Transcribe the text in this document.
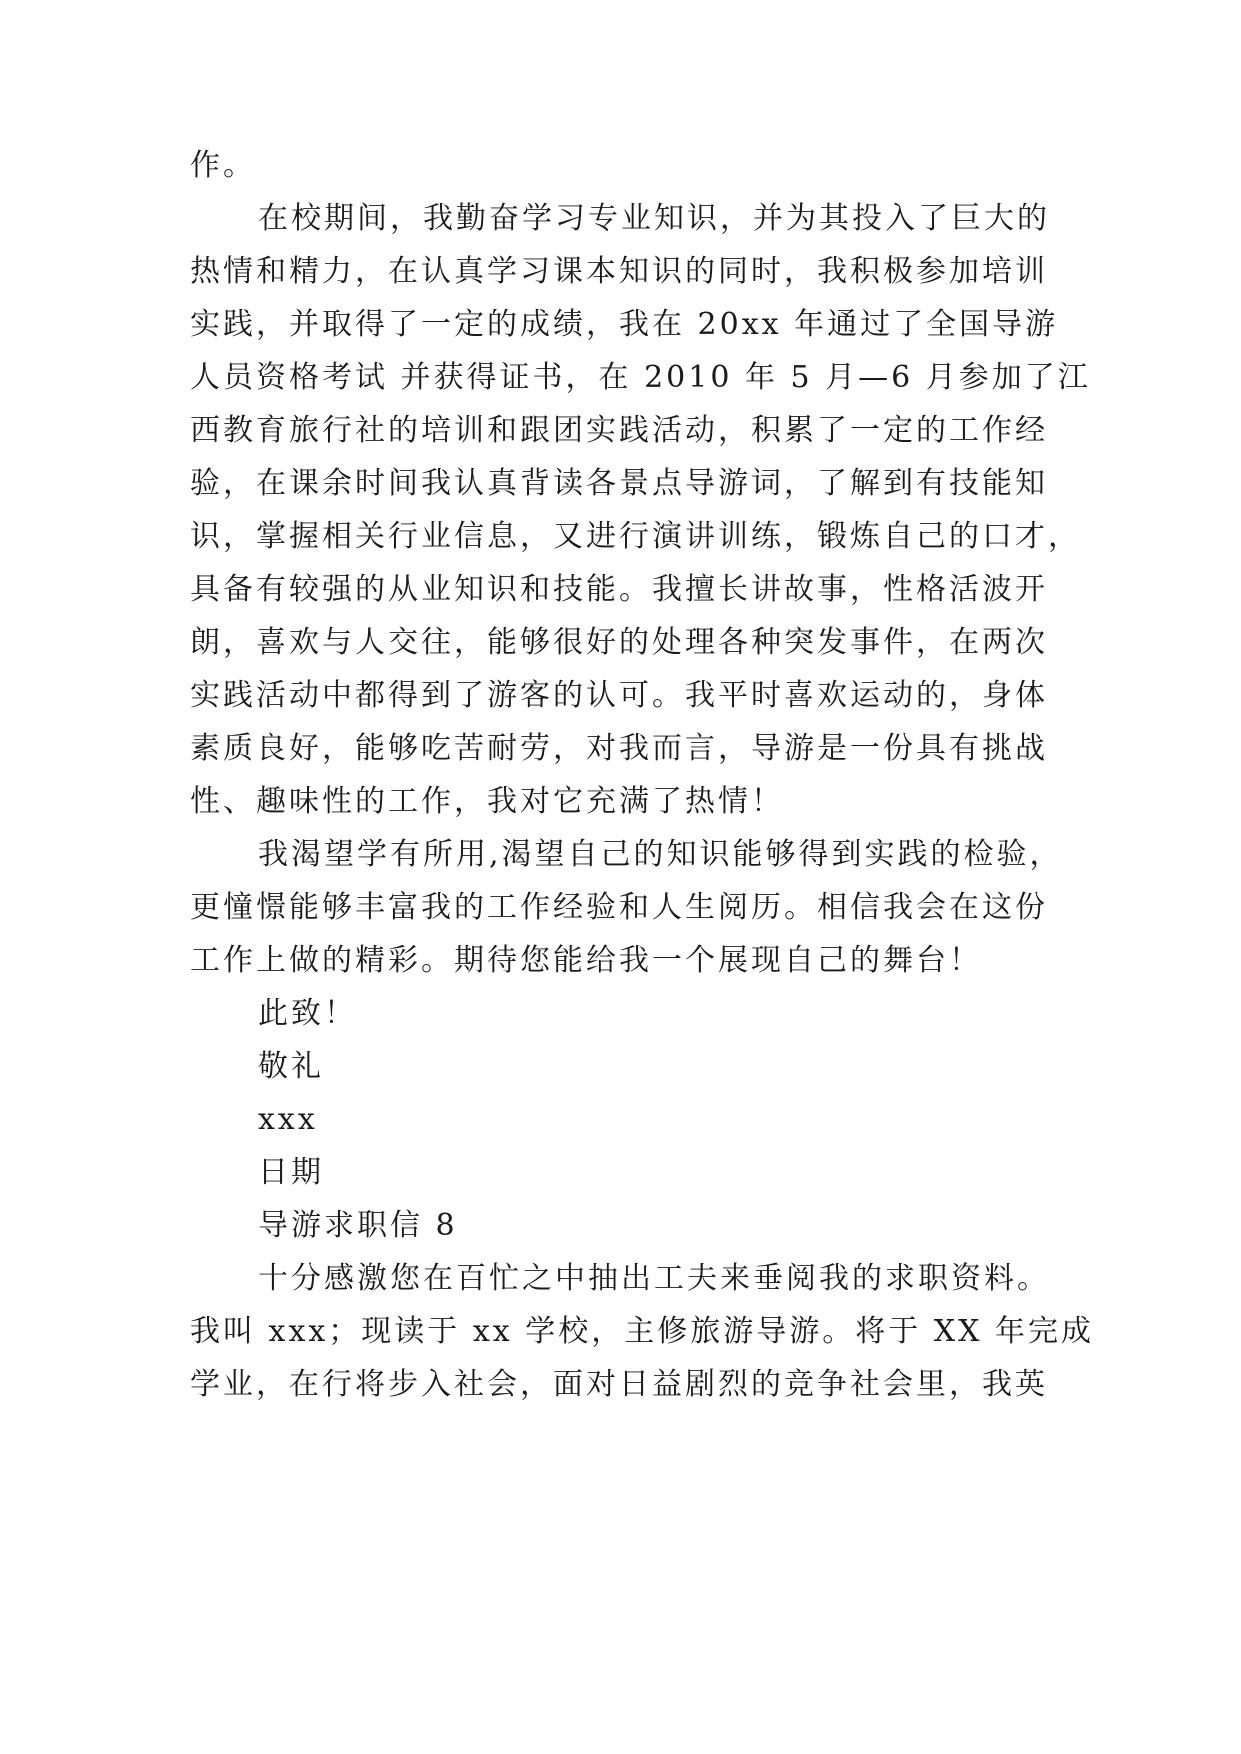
作。
在校期间，我勤奋学习专业知识，并为其投入了巨大的
热情和精力，在认真学习课本知识的同时，我积极参加培训
实践，并取得了一定的成绩，我在 20xx 年通过了全国导游
人员资格考试 并获得证书，在 2010 年 5 月—6 月参加了江
西教育旅行社的培训和跟团实践活动，积累了一定的工作经
验，在课余时间我认真背读各景点导游词，了解到有技能知
识，掌握相关行业信息，又进行演讲训练，锻炼自己的口才，
具备有较强的从业知识和技能。我擅长讲故事，性格活波开
朗，喜欢与人交往，能够很好的处理各种突发事件，在两次
实践活动中都得到了游客的认可。我平时喜欢运动的，身体
素质良好，能够吃苦耐劳，对我而言，导游是一份具有挑战
性、趣味性的工作，我对它充满了热情！
我渴望学有所用,渴望自己的知识能够得到实践的检验，
更憧憬能够丰富我的工作经验和人生阅历。相信我会在这份
工作上做的精彩。期待您能给我一个展现自己的舞台！
此致！
敬礼
xxx
日期
导游求职信 8
十分感激您在百忙之中抽出工夫来垂阅我的求职资料。
我叫 xxx；现读于 xx 学校，主修旅游导游。将于 XX 年完成
学业，在行将步入社会，面对日益剧烈的竞争社会里，我英
